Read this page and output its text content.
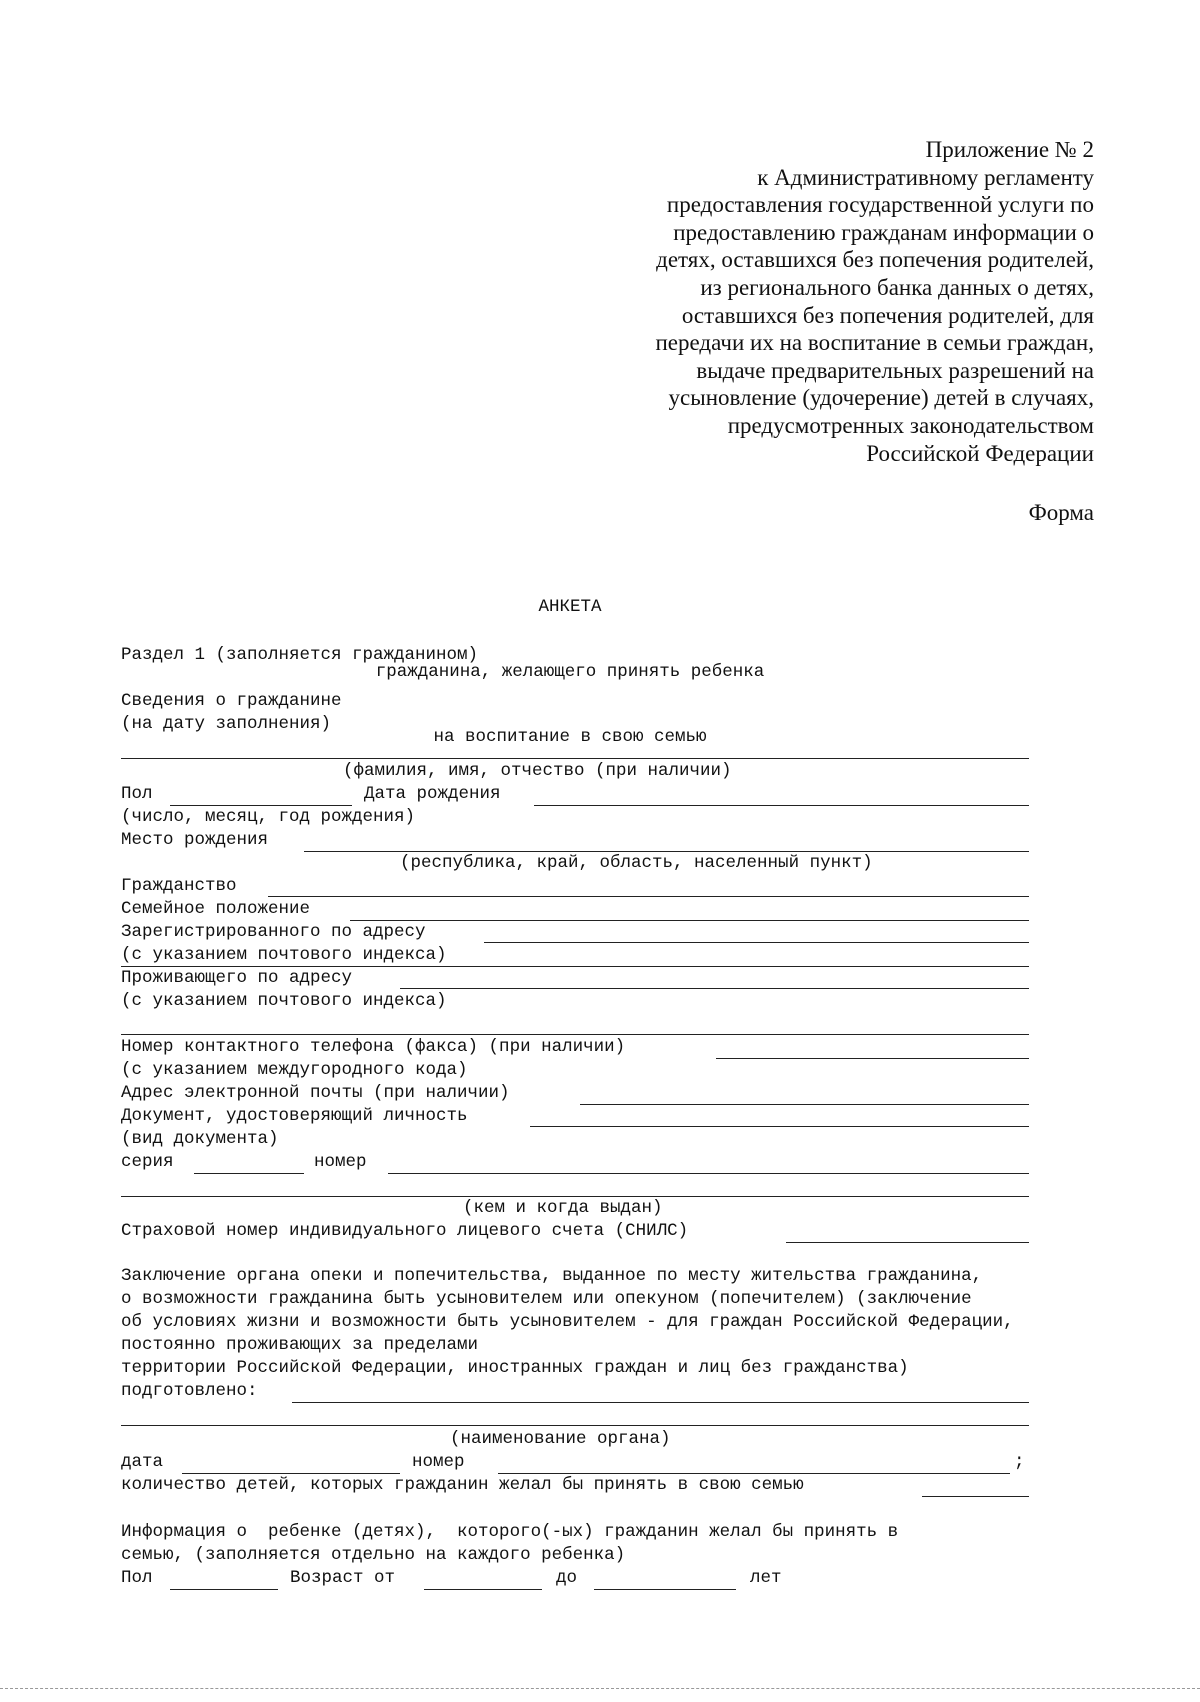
Приложение № 2
к Административному регламенту
предоставления государственной услуги по
предоставлению гражданам информации о
детях, оставшихся без попечения родителей,
из регионального банка данных о детях,
оставшихся без попечения родителей, для
передачи их на воспитание в семьи граждан,
выдаче предварительных разрешений на
усыновление (удочерение) детей в случаях,
предусмотренных законодательством
Российской Федерации
Форма

АНКЕТА

гражданина, желающего принять ребенка

на воспитание в свою семью

Раздел 1 (заполняется гражданином)
Сведения о гражданине
(на дату заполнения)
(фамилия, имя, отчество (при наличии)
Пол	Дата рождения
(число, месяц, год рождения)
Место рождения
(республика, край, область, населенный пункт)
Гражданство
Семейное положение
Зарегистрированного по адресу
(с указанием почтового индекса)
Проживающего по адресу
(с указанием почтового индекса)
Номер контактного телефона (факса) (при наличии)
(с указанием междугородного кода)
Адрес электронной почты (при наличии)
Документ, удостоверяющий личность
(вид документа)
серия	номер
(кем и когда выдан)
Страховой номер индивидуального лицевого счета (СНИЛС)
Заключение органа опеки и попечительства, выданное по месту жительства гражданина,
о возможности гражданина быть усыновителем или опекуном (попечителем) (заключение
об условиях жизни и возможности быть усыновителем - для граждан Российской Федерации,
постоянно проживающих за пределами
территории Российской Федерации, иностранных граждан и лиц без гражданства)
подготовлено:
(наименование органа)
дата	номер	;
количество детей, которых гражданин желал бы принять в свою семью
Информация о  ребенке (детях),  которого(-ых) гражданин желал бы принять в
семью, (заполняется отдельно на каждого ребенка)
Пол	Возраст от	до	лет
